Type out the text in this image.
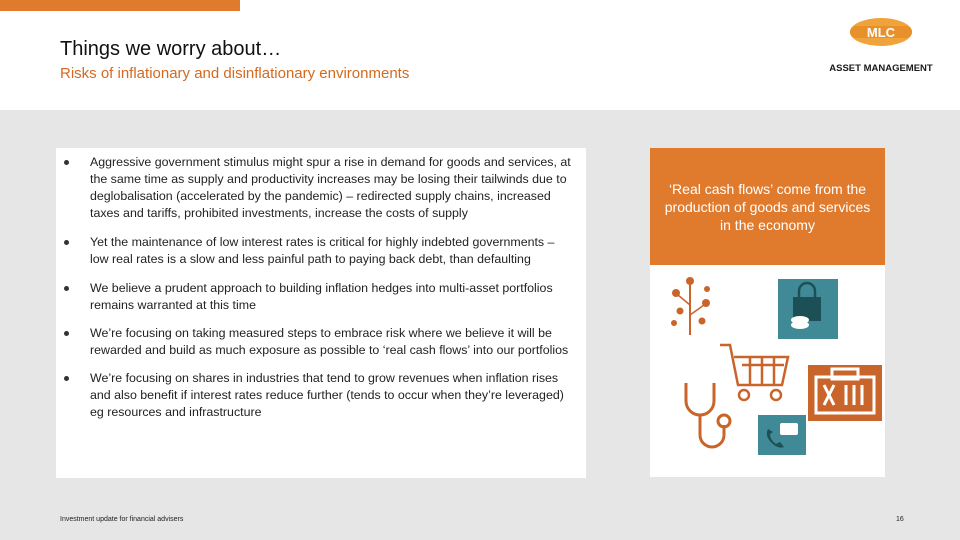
Things we worry about…
Risks of inflationary and disinflationary environments
MLC
ASSET MANAGEMENT
Aggressive government stimulus might spur a rise in demand for goods and services, at the same time as supply and productivity increases may be losing their tailwinds due to deglobalisation (accelerated by the pandemic) – redirected supply chains, increased taxes and tariffs, prohibited investments, increase the costs of supply
Yet the maintenance of low interest rates is critical for highly indebted governments – low real rates is a slow and less painful path to paying back debt, than defaulting
We believe a prudent approach to building inflation hedges into multi-asset portfolios remains warranted at this time
We’re focusing on taking measured steps to embrace risk where we believe it will be rewarded and build as much exposure as possible to ‘real cash flows’ into our portfolios
We’re focusing on shares in industries that tend to grow revenues when inflation rises and also benefit if interest rates reduce further (tends to occur when they’re leveraged) eg resources and infrastructure
‘Real cash flows’ come from the production of goods and services in the economy
Investment update for financial advisers	16
